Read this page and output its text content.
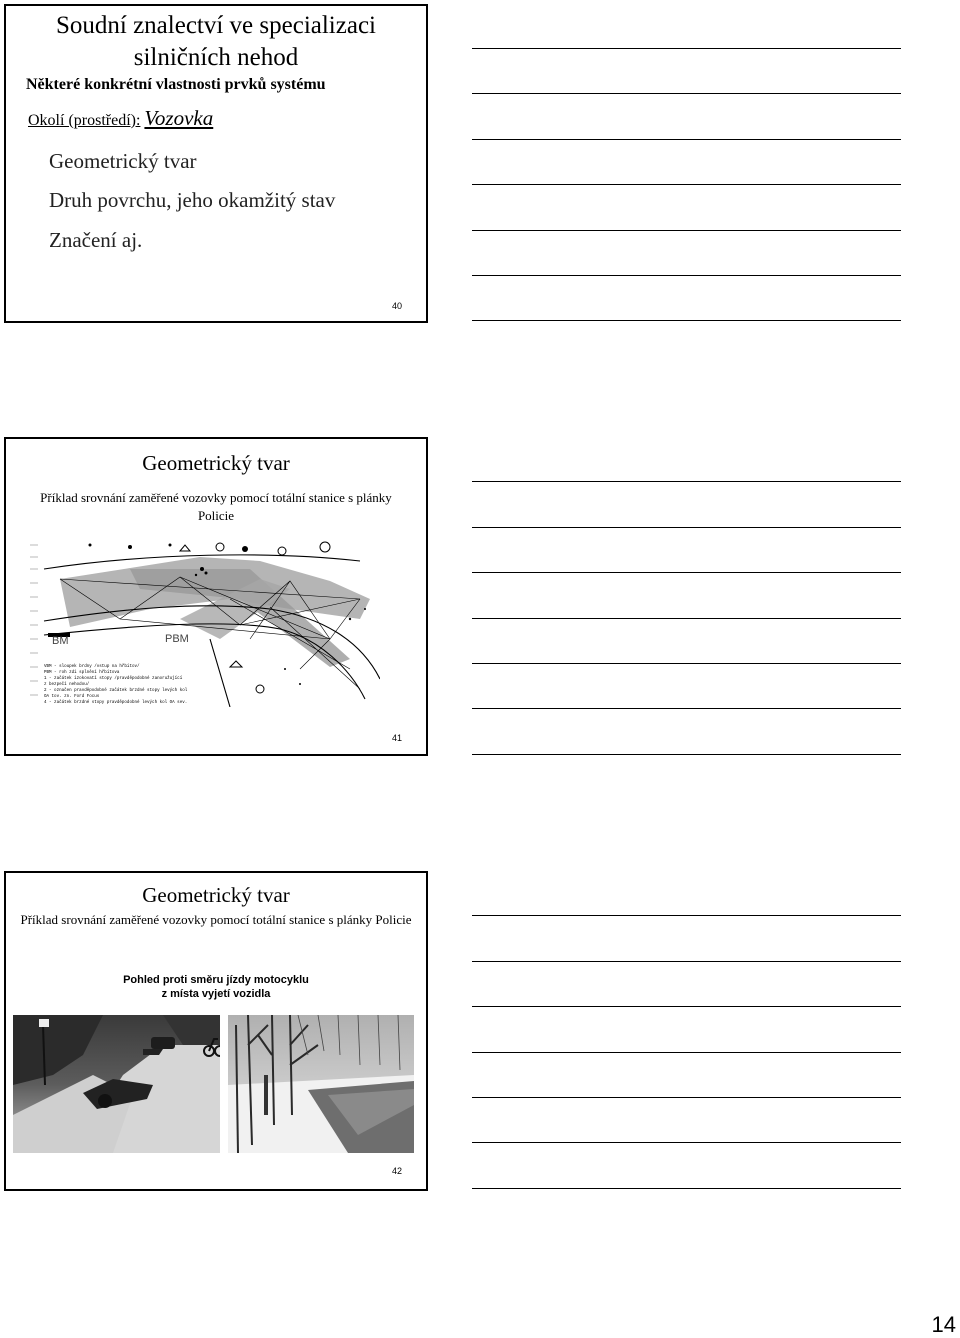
Soudní znalectví ve specializaci
silničních nehod
Některé konkrétní vlastnosti prvků systému
Okolí (prostředí): Vozovka
Geometrický tvar
Druh povrchu, jeho okamžitý stav
Značení aj.
40
Geometrický tvar
Příklad srovnání zaměřené vozovky pomocí totální stanice s plánky Policie
BM	PBM
VBM - sloupek brdny /vstup na hřbitov/
PBM - roh zdi splnění hřbitova
1 - začátek izokovatí stopy /pravděpodobné zanoružující
z bezpečí nehodou/
2 - označen pravděpodobné začátek brzdné stopy levých kol
OA tov. zn. Ford Focus
4 - začátek brzdné stopy pravděpodobné levých kol OA sev.
41
Geometrický tvar
Příklad srovnání zaměřené vozovky pomocí totální stanice s plánky Policie
Pohled proti směru jízdy motocyklu
z místa vyjetí vozidla
42
14
